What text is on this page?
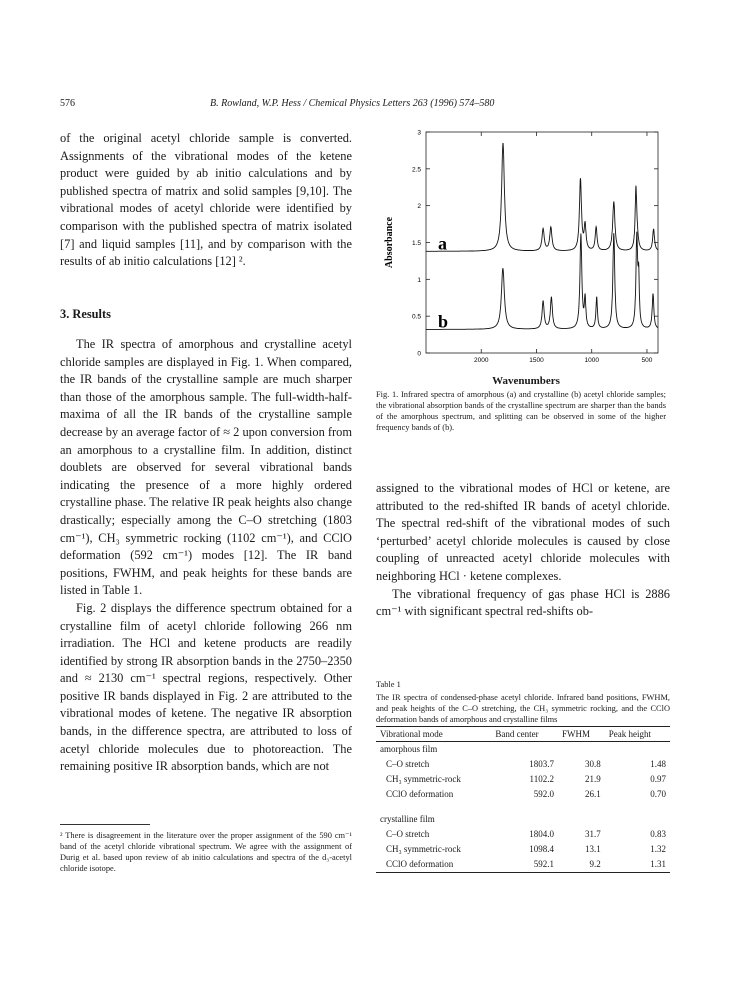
576	B. Rowland, W.P. Hess / Chemical Physics Letters 263 (1996) 574–580

of the original acetyl chloride sample is converted. Assignments of the vibrational modes of the ketene product were guided by ab initio calculations and by published spectra of matrix and solid samples [9,10]. The vibrational modes of acetyl chloride were identified by comparison with the published spectra of matrix isolated [7] and liquid samples [11], and by comparison with the results of ab initio calculations [12] ².

3. Results

The IR spectra of amorphous and crystalline acetyl chloride samples are displayed in Fig. 1. When compared, the IR bands of the crystalline sample are much sharper than those of the amorphous sample. The full-width-half-maxima of all the IR bands of the crystalline sample decrease by an average factor of ≈ 2 upon conversion from an amorphous to a crystalline film. In addition, distinct doublets are observed for several vibrational bands indicating the presence of a more highly ordered crystalline phase. The relative IR peak heights also change drastically; especially among the C–O stretching (1803 cm⁻¹), CH₃ symmetric rocking (1102 cm⁻¹), and CClO deformation (592 cm⁻¹) modes [12]. The IR band positions, FWHM, and peak heights for these bands are listed in Table 1.

Fig. 2 displays the difference spectrum obtained for a crystalline film of acetyl chloride following 266 nm irradiation. The HCl and ketene products are readily identified by strong IR absorption bands in the 2750–2350 and ≈ 2130 cm⁻¹ spectral regions, respectively. Other positive IR bands displayed in Fig. 2 are attributed to the vibrational modes of ketene. The negative IR absorption bands, in the difference spectra, are attributed to loss of acetyl chloride molecules due to photoreaction. The remaining positive IR absorption bands, which are not

² There is disagreement in the literature over the proper assignment of the 590 cm⁻¹ band of the acetyl chloride vibrational spectrum. We agree with the assignment of Durig et al. based upon review of ab initio calculations and spectra of the d₃-acetyl chloride isotope.
0
0.5
1
1.5
2
2.5
3
2000	1500	1000	500
Absorbance a
b
Wavenumbers
Fig. 1. Infrared spectra of amorphous (a) and crystalline (b) acetyl chloride samples; the vibrational absorption bands of the crystalline spectrum are sharper than the bands of the amorphous spectrum, and splitting can be observed in some of the higher frequency bands of (b).

assigned to the vibrational modes of HCl or ketene, are attributed to the red-shifted IR bands of acetyl chloride. The spectral red-shift of the vibrational modes of such ‘perturbed’ acetyl chloride molecules is caused by close coupling of unreacted acetyl chloride molecules with neighboring HCl · ketene complexes.

The vibrational frequency of gas phase HCl is 2886 cm⁻¹ with significant spectral red-shifts ob-

Table 1
The IR spectra of condensed-phase acetyl chloride. Infrared band positions, FWHM, and peak heights of the C–O stretching, the CH₃ symmetric rocking, and the CClO deformation bands of amorphous and crystalline films
Vibrational mode	Band center	FWHM	Peak height
amorphous film			
C–O stretch	1803.7	30.8	1.48
CH₃ symmetric-rock	1102.2	21.9	0.97
CClO deformation	592.0	26.1	0.70

crystalline film			
C–O stretch	1804.0	31.7	0.83
CH₃ symmetric-rock	1098.4	13.1	1.32
CClO deformation	592.1	9.2	1.31
